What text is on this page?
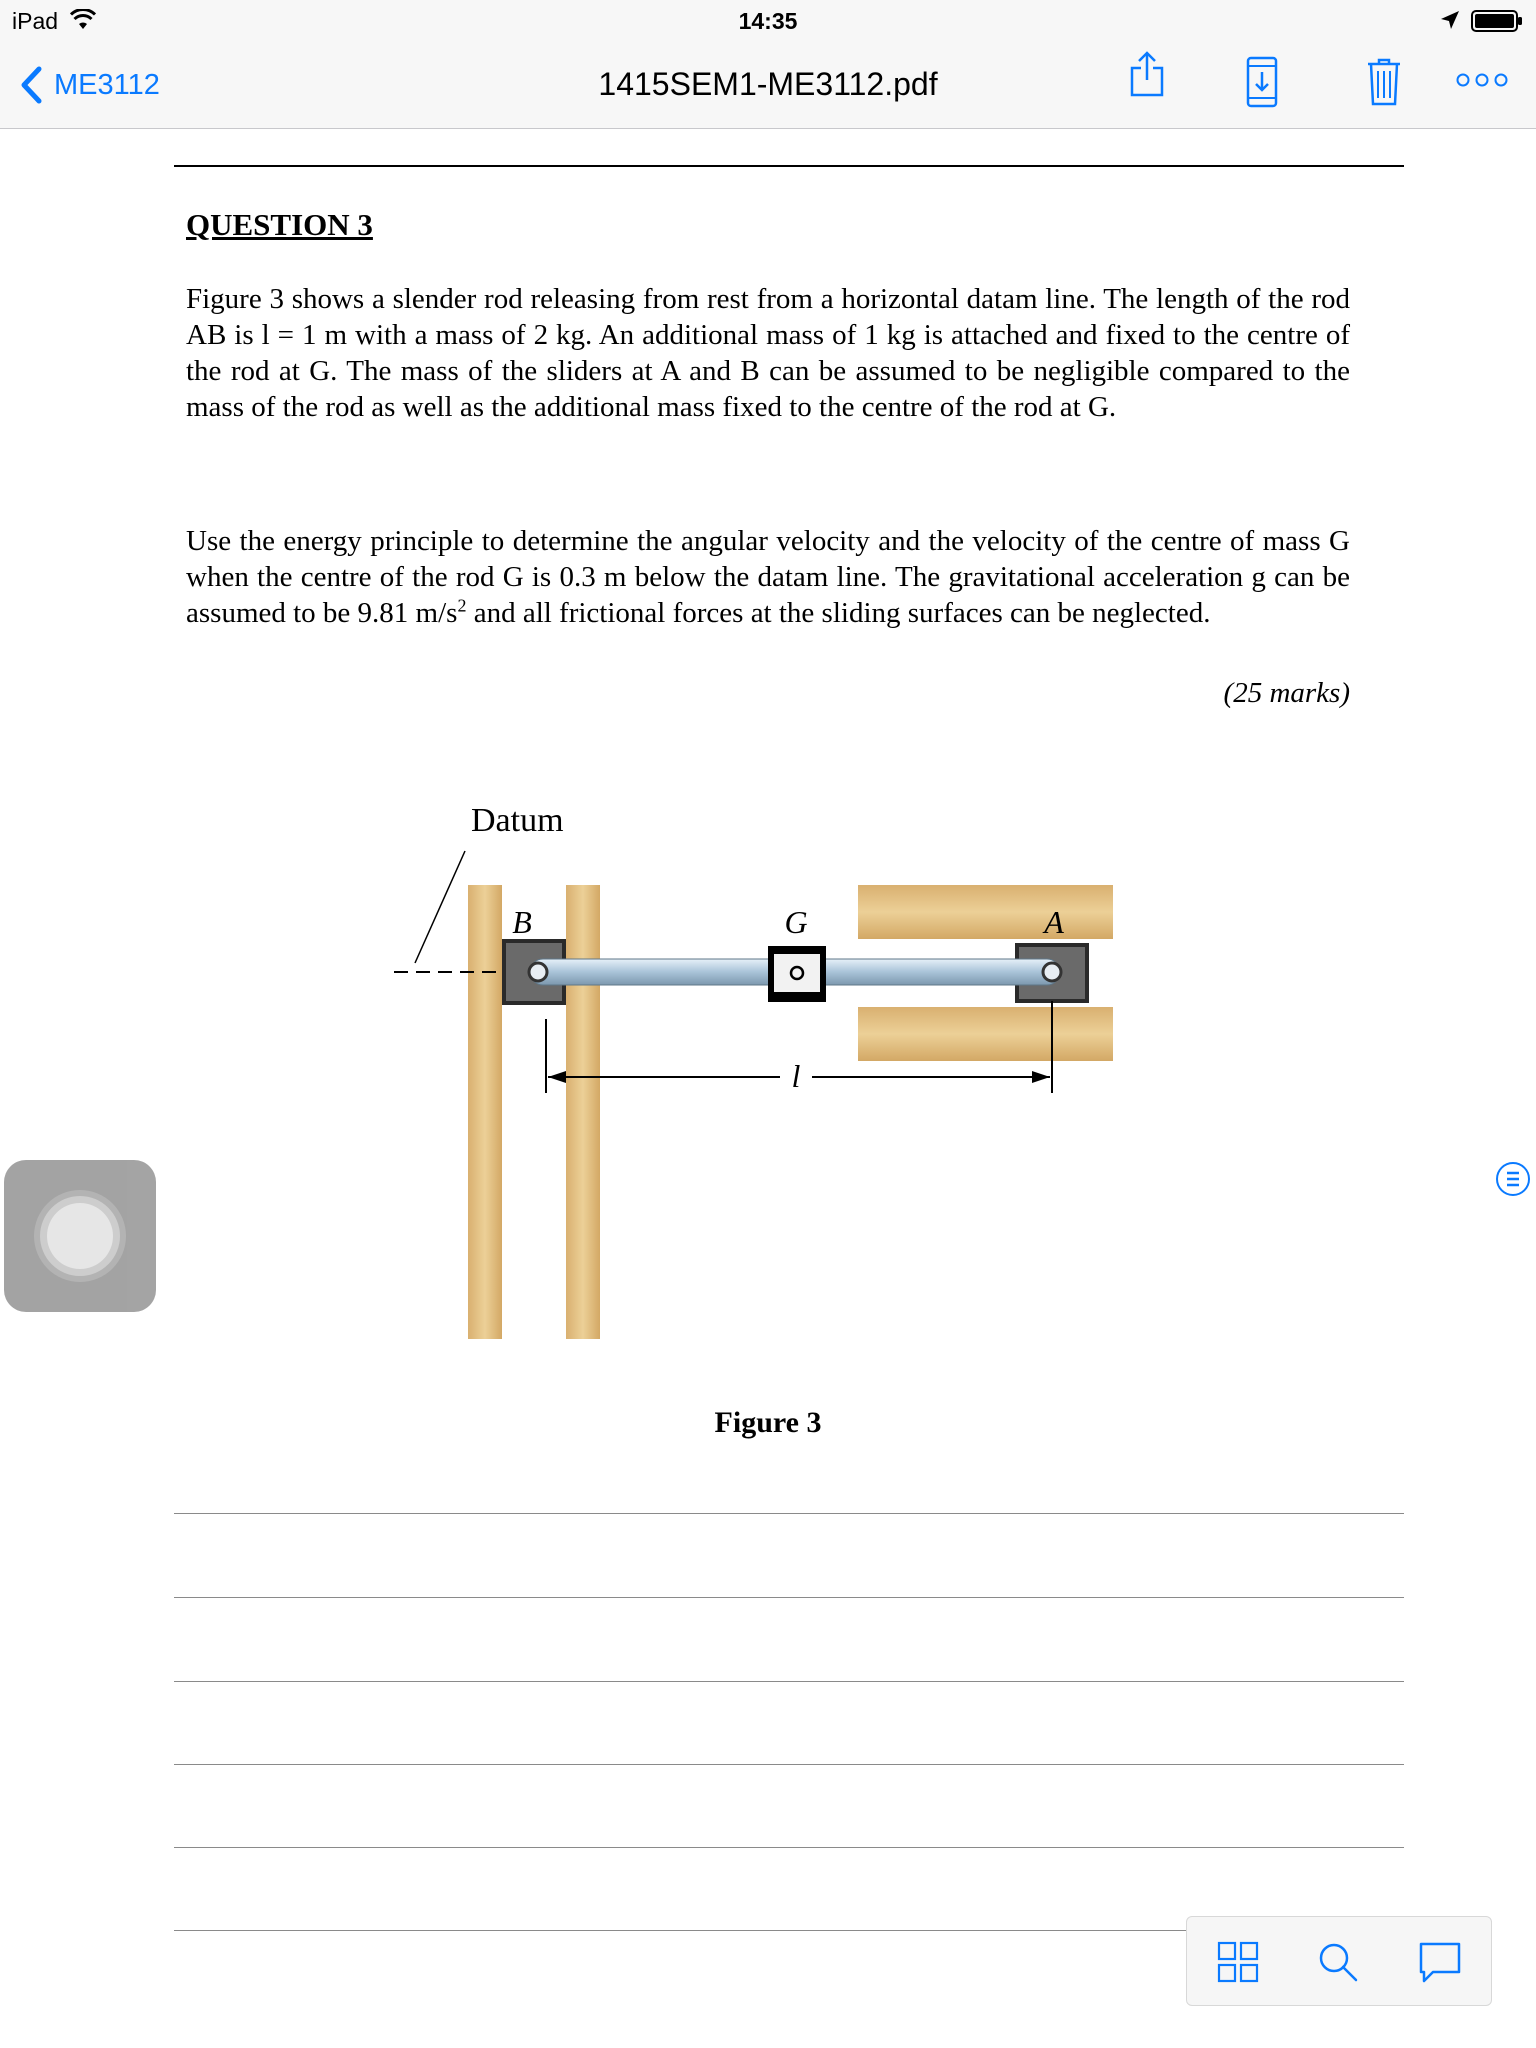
iPad	14:35
ME3112	1415SEM1-ME3112.pdf
QUESTION 3
Figure 3 shows a slender rod releasing from rest from a horizontal datam line. The length of the rod AB is l = 1 m with a mass of 2 kg. An additional mass of 1 kg is attached and fixed to the centre of the rod at G. The mass of the sliders at A and B can be assumed to be negligible compared to the mass of the rod as well as the additional mass fixed to the centre of the rod at G.
Use the energy principle to determine the angular velocity and the velocity of the centre of mass G when the centre of the rod G is 0.3 m below the datam line. The gravitational acceleration g can be assumed to be 9.81 $m/s^2$ and all frictional forces at the sliding surfaces can be neglected.
(25 marks)
Datum
B	G	A
l
Figure 3
